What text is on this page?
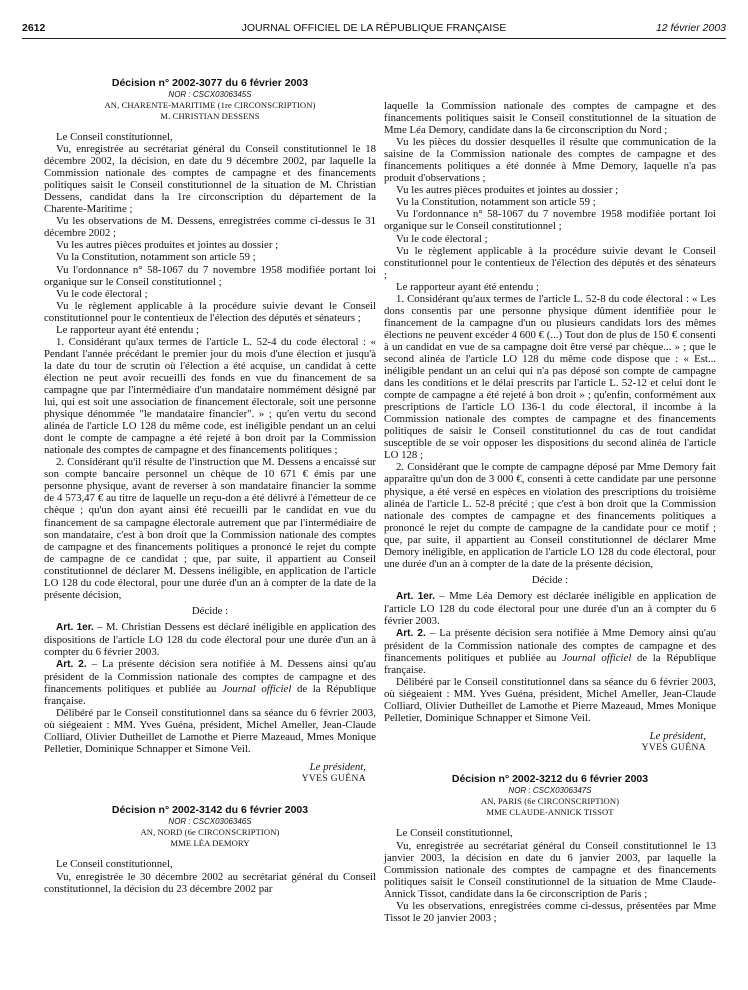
2612	JOURNAL OFFICIEL DE LA RÉPUBLIQUE FRANÇAISE	12 février 2003

Décision n° 2002-3077 du 6 février 2003

NOR : CSCX0306345S

AN, CHARENTE-MARITIME (1re CIRCONSCRIPTION)

M. CHRISTIAN DESSENS

Le Conseil constitutionnel,

Vu, enregistrée au secrétariat général du Conseil constitutionnel le 18 décembre 2002, la décision, en date du 9 décembre 2002, par laquelle la Commission nationale des comptes de campagne et des financements politiques saisit le Conseil constitutionnel de la situation de M. Christian Dessens, candidat dans la 1re circonscription du département de la Charente-Maritime ;

Vu les observations de M. Dessens, enregistrées comme ci-dessus le 31 décembre 2002 ;

Vu les autres pièces produites et jointes au dossier ;

Vu la Constitution, notamment son article 59 ;

Vu l'ordonnance n° 58-1067 du 7 novembre 1958 modifiée portant loi organique sur le Conseil constitutionnel ;

Vu le code électoral ;

Vu le règlement applicable à la procédure suivie devant le Conseil constitutionnel pour le contentieux de l'élection des députés et sénateurs ;

Le rapporteur ayant été entendu ;

1. Considérant qu'aux termes de l'article L. 52-4 du code électoral : « Pendant l'année précédant le premier jour du mois d'une élection et jusqu'à la date du tour de scrutin où l'élection a été acquise, un candidat à cette élection ne peut avoir recueilli des fonds en vue du financement de sa campagne que par l'intermédiaire d'un mandataire nommément désigné par lui, qui est soit une association de financement électorale, soit une personne physique dénommée "le mandataire financier". » ; qu'en vertu du second alinéa de l'article LO 128 du même code, est inéligible pendant un an celui dont le compte de campagne a été rejeté à bon droit par la Commission nationale des comptes de campagne et des financements politiques ;

2. Considérant qu'il résulte de l'instruction que M. Dessens a encaissé sur son compte bancaire personnel un chèque de 10 671 € émis par une personne physique, avant de reverser à son mandataire financier la somme de 4 573,47 € au titre de laquelle un reçu-don a été délivré à l'émetteur de ce chèque ; qu'un don ayant ainsi été recueilli par le candidat en vue du financement de sa campagne électorale autrement que par l'intermédiaire de son mandataire, c'est à bon droit que la Commission nationale des comptes de campagne et des financements politiques a prononcé le rejet du compte de campagne de ce candidat ; que, par suite, il appartient au Conseil constitutionnel de déclarer M. Dessens inéligible, en application de l'article LO 128 du code électoral, pour une durée d'un an à compter de la date de la présente décision,

Décide :

Art. 1er. – M. Christian Dessens est déclaré inéligible en application des dispositions de l'article LO 128 du code électoral pour une durée d'un an à compter du 6 février 2003.

Art. 2. – La présente décision sera notifiée à M. Dessens ainsi qu'au président de la Commission nationale des comptes de campagne et des financements politiques et publiée au Journal officiel de la République française.

Délibéré par le Conseil constitutionnel dans sa séance du 6 février 2003, où siégeaient : MM. Yves Guéna, président, Michel Ameller, Jean-Claude Colliard, Olivier Dutheillet de Lamothe et Pierre Mazeaud, Mmes Monique Pelletier, Dominique Schnapper et Simone Veil.

Le président,

YVES GUÉNA

Décision n° 2002-3142 du 6 février 2003

NOR : CSCX0306346S

AN, NORD (6e CIRCONSCRIPTION)

MME LÉA DEMORY

Le Conseil constitutionnel,

Vu, enregistrée le 30 décembre 2002 au secrétariat général du Conseil constitutionnel, la décision du 23 décembre 2002 par

laquelle la Commission nationale des comptes de campagne et des financements politiques saisit le Conseil constitutionnel de la situation de Mme Léa Demory, candidate dans la 6e circonscription du Nord ;

Vu les pièces du dossier desquelles il résulte que communication de la saisine de la Commission nationale des comptes de campagne et des financements politiques a été donnée à Mme Demory, laquelle n'a pas produit d'observations ;

Vu les autres pièces produites et jointes au dossier ;

Vu la Constitution, notamment son article 59 ;

Vu l'ordonnance n° 58-1067 du 7 novembre 1958 modifiée portant loi organique sur le Conseil constitutionnel ;

Vu le code électoral ;

Vu le règlement applicable à la procédure suivie devant le Conseil constitutionnel pour le contentieux de l'élection des députés et des sénateurs ;

Le rapporteur ayant été entendu ;

1. Considérant qu'aux termes de l'article L. 52-8 du code électoral : « Les dons consentis par une personne physique dûment identifiée pour le financement de la campagne d'un ou plusieurs candidats lors des mêmes élections ne peuvent excéder 4 600 € (...) Tout don de plus de 150 € consenti à un candidat en vue de sa campagne doit être versé par chèque... » ; que le second alinéa de l'article LO 128 du même code dispose que : « Est... inéligible pendant un an celui qui n'a pas déposé son compte de campagne dans les conditions et le délai prescrits par l'article L. 52-12 et celui dont le compte de campagne a été rejeté à bon droit » ; qu'enfin, conformément aux prescriptions de l'article LO 136-1 du code électoral, il incombe à la Commission nationale des comptes de campagne et des financements politiques de saisir le Conseil constitutionnel du cas de tout candidat susceptible de se voir opposer les dispositions du second alinéa de l'article LO 128 ;

2. Considérant que le compte de campagne déposé par Mme Demory fait apparaître qu'un don de 3 000 €, consenti à cette candidate par une personne physique, a été versé en espèces en violation des prescriptions du troisième alinéa de l'article L. 52-8 précité ; que c'est à bon droit que la Commission nationale des comptes de campagne et des financements politiques a prononcé le rejet du compte de campagne de la candidate pour ce motif ; que, par suite, il appartient au Conseil constitutionnel de déclarer Mme Demory inéligible, en application de l'article LO 128 du code électoral, pour une durée d'un an à compter de la date de la présente décision,

Décide :

Art. 1er. – Mme Léa Demory est déclarée inéligible en application de l'article LO 128 du code électoral pour une durée d'un an à compter du 6 février 2003.

Art. 2. – La présente décision sera notifiée à Mme Demory ainsi qu'au président de la Commission nationale des comptes de campagne et des financements politiques et publiée au Journal officiel de la République française.

Délibéré par le Conseil constitutionnel dans sa séance du 6 février 2003, où siégeaient : MM. Yves Guéna, président, Michel Ameller, Jean-Claude Colliard, Olivier Dutheillet de Lamothe et Pierre Mazeaud, Mmes Monique Pelletier, Dominique Schnapper et Simone Veil.

Le président,

YVES GUÉNA

Décision n° 2002-3212 du 6 février 2003

NOR : CSCX0306347S

AN, PARIS (6e CIRCONSCRIPTION)

MME CLAUDE-ANNICK TISSOT

Le Conseil constitutionnel,

Vu, enregistrée au secrétariat général du Conseil constitutionnel le 13 janvier 2003, la décision en date du 6 janvier 2003, par laquelle la Commission nationale des comptes de campagne et des financements politiques saisit le Conseil constitutionnel de la situation de Mme Claude-Annick Tissot, candidate dans la 6e circonscription de Paris ;

Vu les observations, enregistrées comme ci-dessus, présentées par Mme Tissot le 20 janvier 2003 ;
